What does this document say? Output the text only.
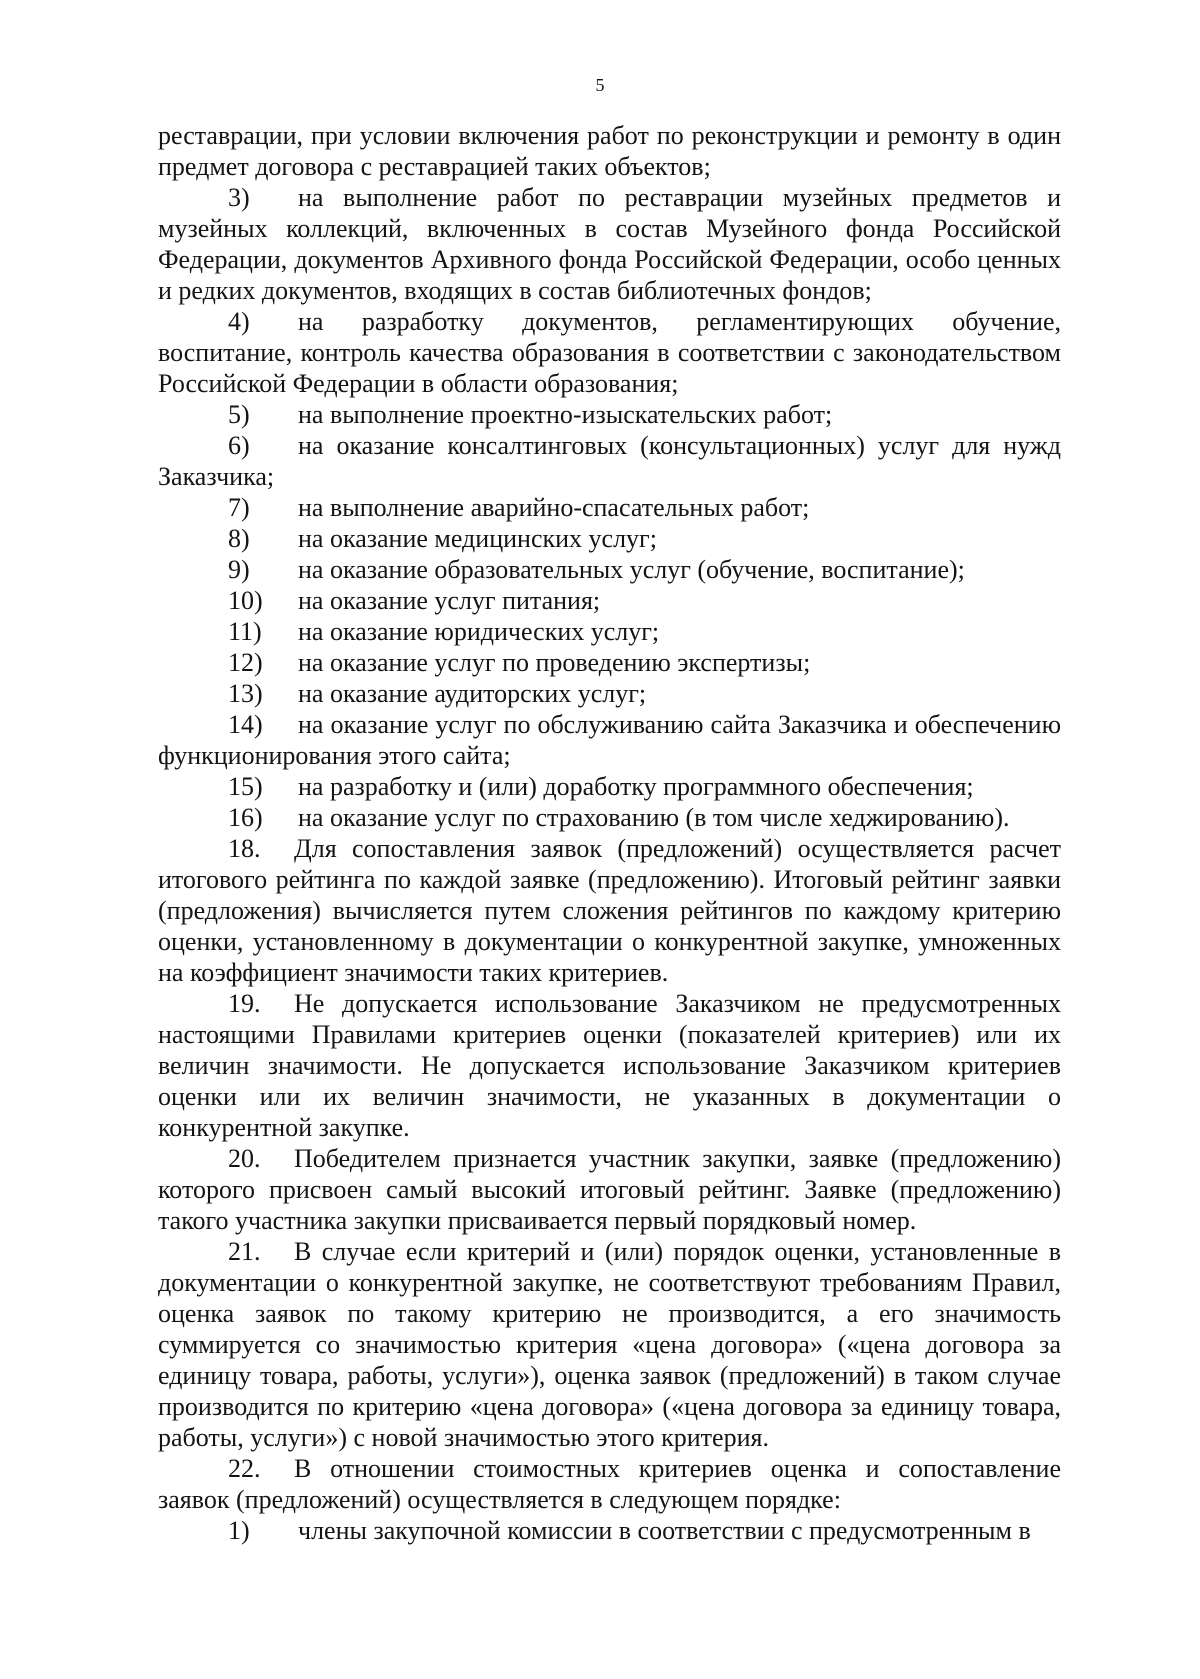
5

реставрации, при условии включения работ по реконструкции и ремонту в один предмет договора с реставрацией таких объектов;

3) на выполнение работ по реставрации музейных предметов и музейных коллекций, включенных в состав Музейного фонда Российской Федерации, документов Архивного фонда Российской Федерации, особо ценных и редких документов, входящих в состав библиотечных фондов;

4) на разработку документов, регламентирующих обучение, воспитание, контроль качества образования в соответствии с законодательством Российской Федерации в области образования;

5) на выполнение проектно-изыскательских работ;

6) на оказание консалтинговых (консультационных) услуг для нужд Заказчика;

7) на выполнение аварийно-спасательных работ;

8) на оказание медицинских услуг;

9) на оказание образовательных услуг (обучение, воспитание);

10) на оказание услуг питания;

11) на оказание юридических услуг;

12) на оказание услуг по проведению экспертизы;

13) на оказание аудиторских услуг;

14) на оказание услуг по обслуживанию сайта Заказчика и обеспечению функционирования этого сайта;

15) на разработку и (или) доработку программного обеспечения;

16) на оказание услуг по страхованию (в том числе хеджированию).

18. Для сопоставления заявок (предложений) осуществляется расчет итогового рейтинга по каждой заявке (предложению). Итоговый рейтинг заявки (предложения) вычисляется путем сложения рейтингов по каждому критерию оценки, установленному в документации о конкурентной закупке, умноженных на коэффициент значимости таких критериев.

19. Не допускается использование Заказчиком не предусмотренных настоящими Правилами критериев оценки (показателей критериев) или их величин значимости. Не допускается использование Заказчиком критериев оценки или их величин значимости, не указанных в документации о конкурентной закупке.

20. Победителем признается участник закупки, заявке (предложению) которого присвоен самый высокий итоговый рейтинг. Заявке (предложению) такого участника закупки присваивается первый порядковый номер.

21. В случае если критерий и (или) порядок оценки, установленные в документации о конкурентной закупке, не соответствуют требованиям Правил, оценка заявок по такому критерию не производится, а его значимость суммируется со значимостью критерия «цена договора» («цена договора за единицу товара, работы, услуги»), оценка заявок (предложений) в таком случае производится по критерию «цена договора» («цена договора за единицу товара, работы, услуги») с новой значимостью этого критерия.

22. В отношении стоимостных критериев оценка и сопоставление заявок (предложений) осуществляется в следующем порядке:

1) члены закупочной комиссии в соответствии с предусмотренным в
